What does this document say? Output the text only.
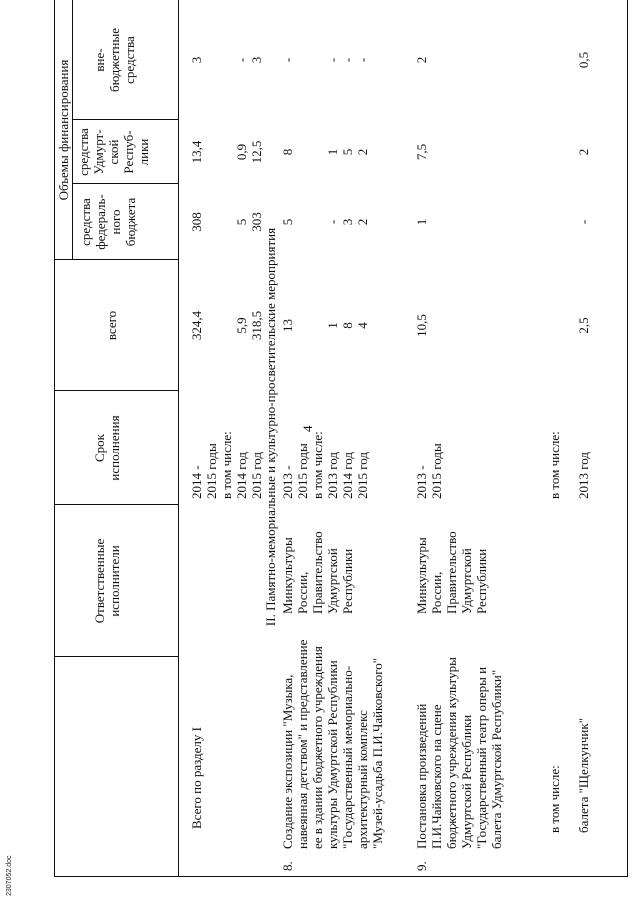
4
Ответственные
исполнители
Срок
исполнения
всего
Объемы финансирования
средства
федераль-
ного
бюджета
средства
Удмурт-
ской
Респуб-
лики
вне-
бюджетные
средства
Всего по разделу I
2014 -
2015 годы
в том числе:
2014 год
2015 год
324,4

5,9
318,5
308

5
303
13,4

0,9
12,5
3

-
3
II. Памятно-мемориальные и культурно-просветительские мероприятия
8.
Создание экспозиции "Музыка,
навеянная детством" и представление
ее в здании бюджетного учреждения
культуры Удмуртской Республики
"Государственный мемориально-
архитектурный комплекс
"Музей-усадьба П.И.Чайковского"
Минкультуры
России,
Правительство
Удмуртской
Республики
2013 -
2015 годы
в том числе:
2013 год
2014 год
2015 год
13

1
8
4
5

-
3
2
8

1
5
2
-

-
-
-
9.
Постановка произведений
П.И.Чайковского на сцене
бюджетного учреждения культуры
Удмуртской Республики
"Государственный театр оперы и
балета Удмуртской Республики"
Минкультуры
России,
Правительство
Удмуртской
Республики
2013 -
2015 годы
10,5
1
7,5
2
в том числе:
в том числе:
балета "Щелкунчик"
2013 год
2,5
-
2
0,5
2307052.doc
